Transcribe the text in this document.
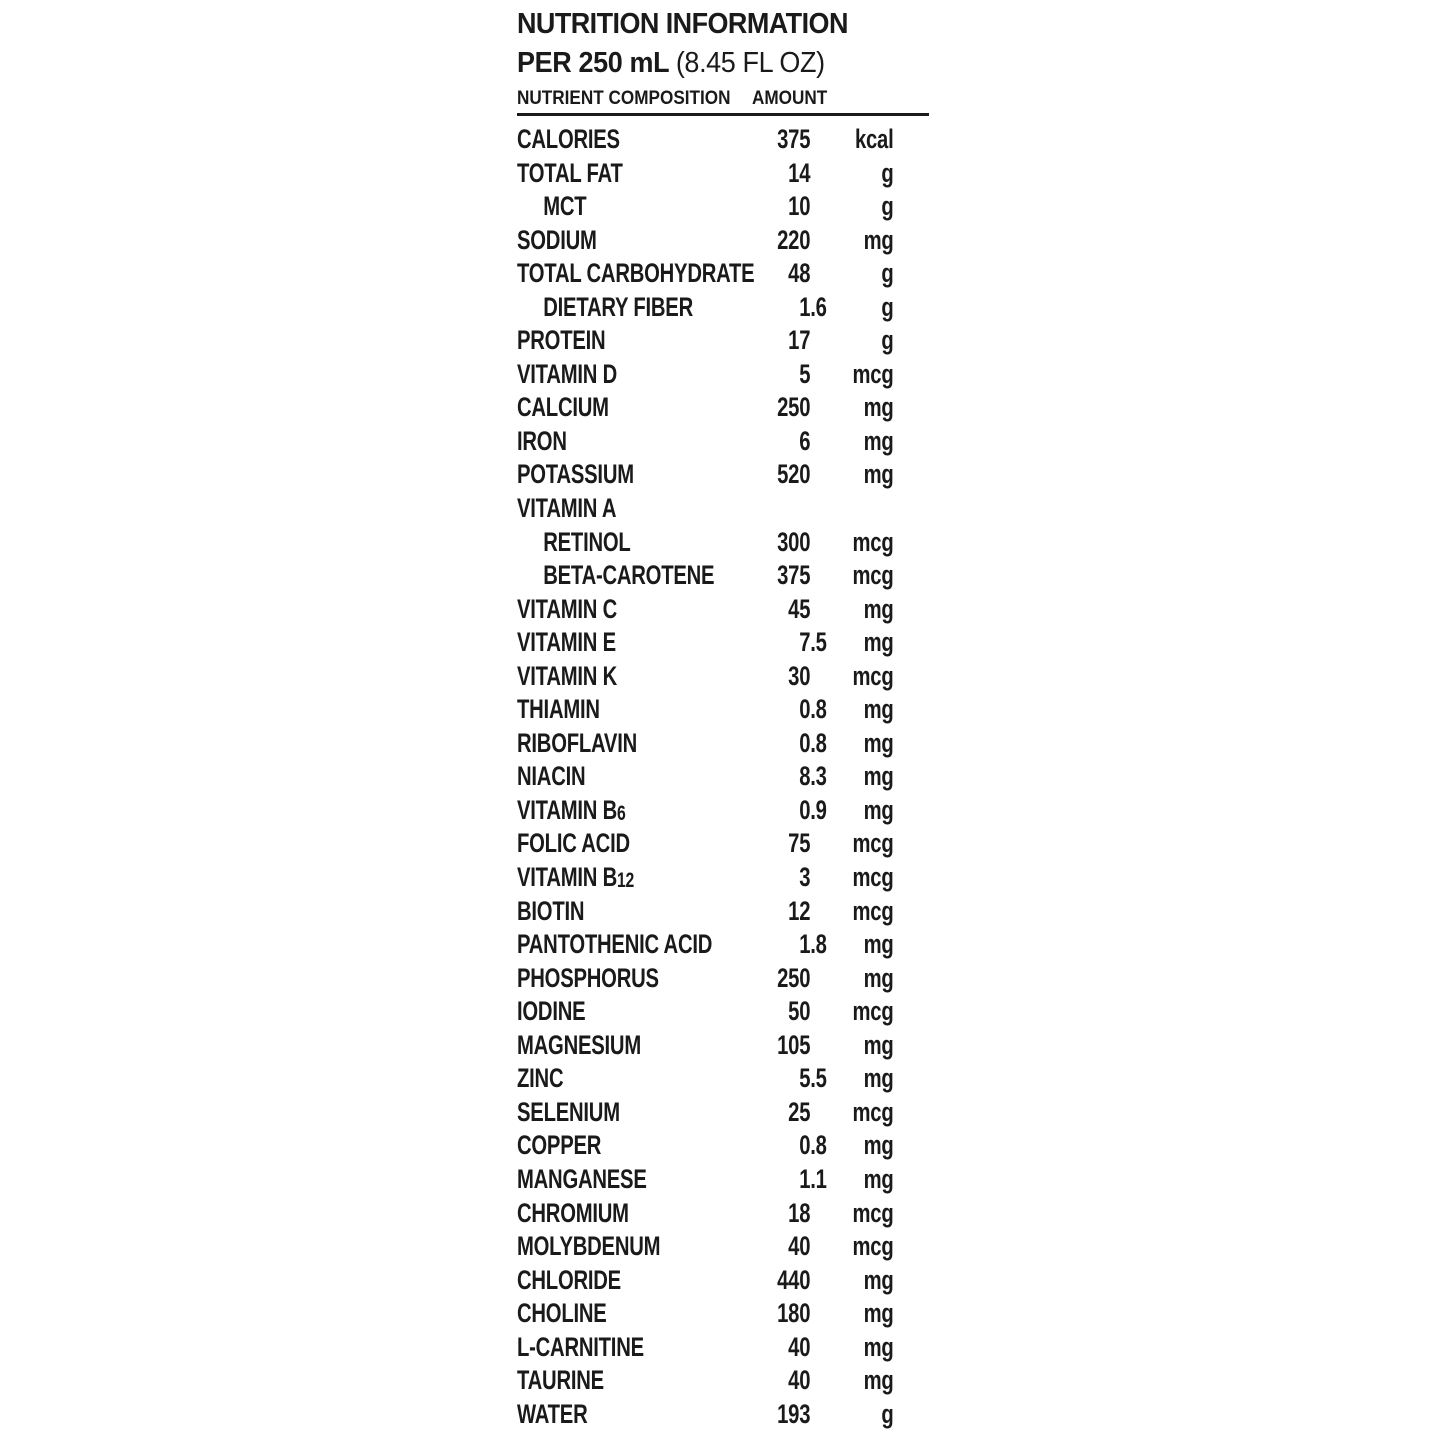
NUTRITION INFORMATION
PER 250 mL (8.45 FL OZ)
NUTRIENT COMPOSITION AMOUNT
CALORIES	375	kcal
TOTAL FAT	14	g
MCT	10	g
SODIUM	220	mg
TOTAL CARBOHYDRATE	48	g
DIETARY FIBER	1 .6	g
PROTEIN	17	g
VITAMIN D	5	mcg
CALCIUM	250	mg
IRON	6	mg
POTASSIUM	520	mg
VITAMIN A
RETINOL	300	mcg
BETA-CAROTENE	375	mcg
VITAMIN C	45	mg
VITAMIN E	7 .5	mg
VITAMIN K	30	mcg
THIAMIN	0 .8	mg
RIBOFLAVIN	0 .8	mg
NIACIN	8 .3	mg
VITAMIN B6	0 .9	mg
FOLIC ACID	75	mcg
VITAMIN B12	3	mcg
BIOTIN	12	mcg
PANTOTHENIC ACID	1 .8	mg
PHOSPHORUS	250	mg
IODINE	50	mcg
MAGNESIUM	105	mg
ZINC	5 .5	mg
SELENIUM	25	mcg
COPPER	0 .8	mg
MANGANESE	1 .1	mg
CHROMIUM	18	mcg
MOLYBDENUM	40	mcg
CHLORIDE	440	mg
CHOLINE	180	mg
L-CARNITINE	40	mg
TAURINE	40	mg
WATER	193	g
